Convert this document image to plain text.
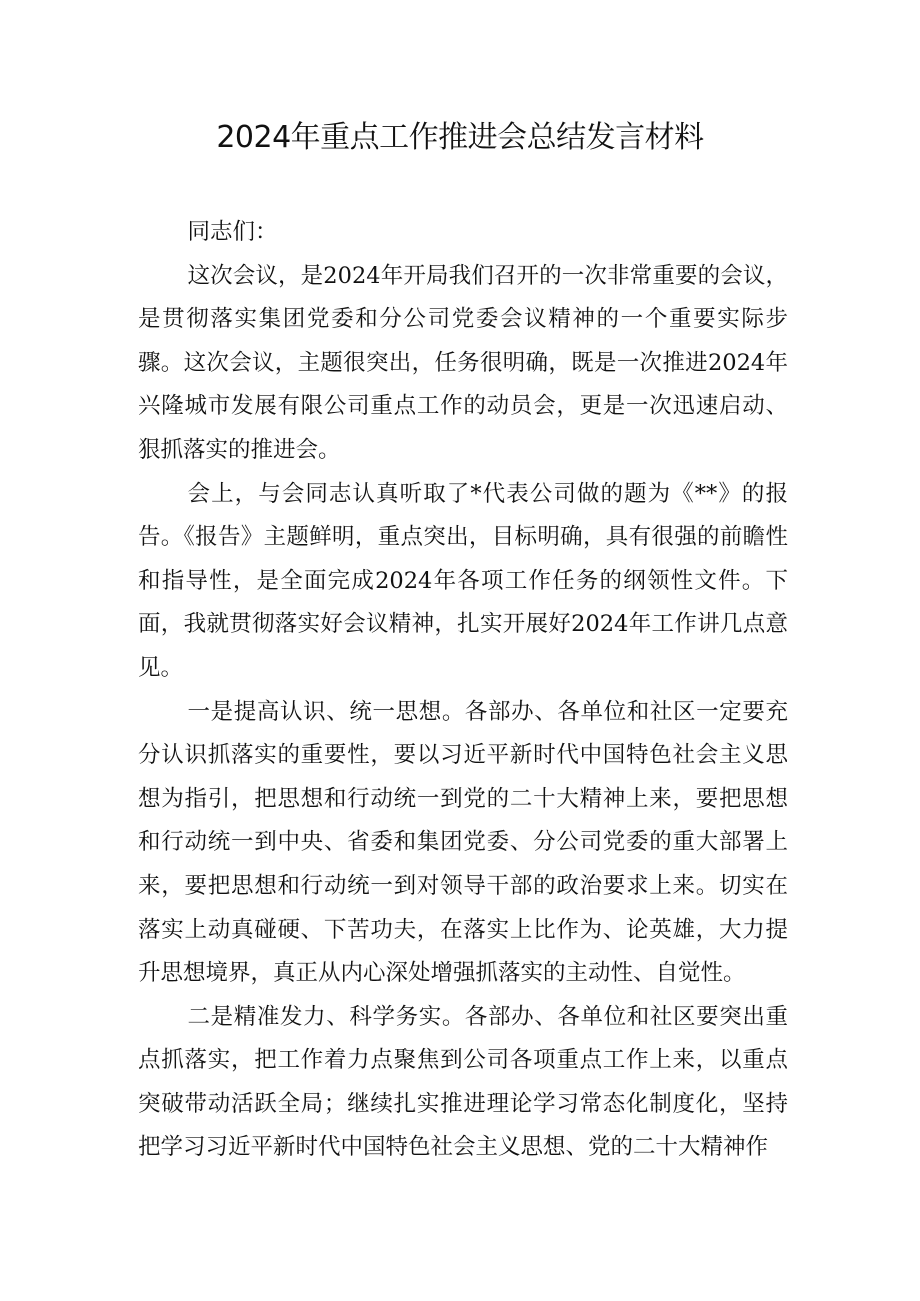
2024年重点工作推进会总结发言材料

同志们：

这次会议，是2024年开局我们召开的一次非常重要的会议，是贯彻落实集团党委和分公司党委会议精神的一个重要实际步骤。这次会议，主题很突出，任务很明确，既是一次推进2024年兴隆城市发展有限公司重点工作的动员会，更是一次迅速启动、狠抓落实的推进会。

会上，与会同志认真听取了*代表公司做的题为《**》的报告。《报告》主题鲜明，重点突出，目标明确，具有很强的前瞻性和指导性，是全面完成2024年各项工作任务的纲领性文件。下面，我就贯彻落实好会议精神，扎实开展好2024年工作讲几点意见。

一是提高认识、统一思想。各部办、各单位和社区一定要充分认识抓落实的重要性，要以习近平新时代中国特色社会主义思想为指引，把思想和行动统一到党的二十大精神上来，要把思想和行动统一到中央、省委和集团党委、分公司党委的重大部署上来，要把思想和行动统一到对领导干部的政治要求上来。切实在落实上动真碰硬、下苦功夫，在落实上比作为、论英雄，大力提升思想境界，真正从内心深处增强抓落实的主动性、自觉性。

二是精准发力、科学务实。各部办、各单位和社区要突出重点抓落实，把工作着力点聚焦到公司各项重点工作上来，以重点突破带动活跃全局；继续扎实推进理论学习常态化制度化，坚持把学习习近平新时代中国特色社会主义思想、党的二十大精神作
